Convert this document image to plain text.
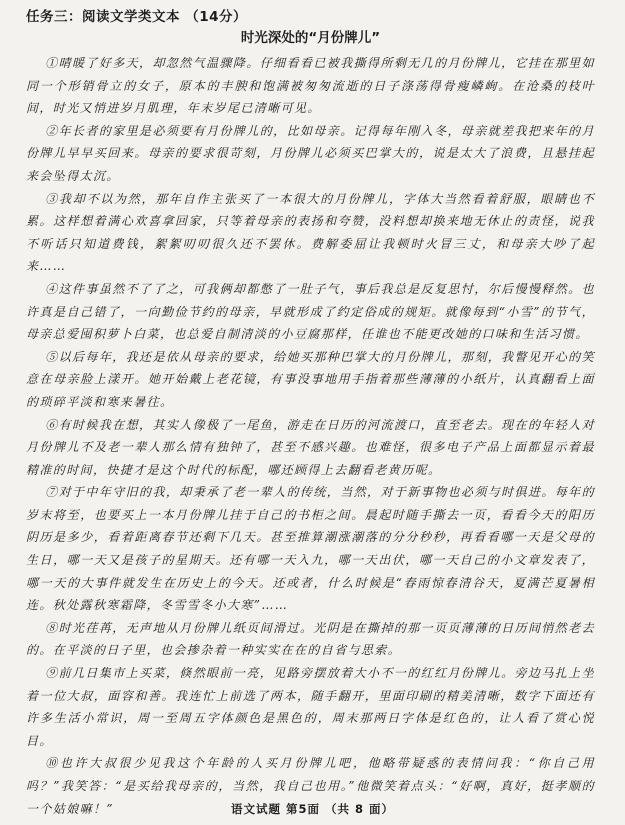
任务三：阅读文学类文本 （14分）
时光深处的“月份牌儿”

①晴暖了好多天，却忽然气温骤降。仔细看看已被我撕得所剩无几的月份牌儿，它挂在那里如同一个形销骨立的女子，原本的丰腴和饱满被匆匆流逝的日子涤荡得骨瘦嶙峋。在沧桑的枝叶间，时光又悄进岁月肌理，年末岁尾已清晰可见。

②年长者的家里是必须要有月份牌儿的，比如母亲。记得每年刚入冬，母亲就差我把来年的月份牌儿早早买回来。母亲的要求很苛刻，月份牌儿必须买巴掌大的，说是太大了浪费，且悬挂起来会坠得太沉。

③我却不以为然，那年自作主张买了一本很大的月份牌儿，字体大当然看着舒服，眼睛也不累。这样想着满心欢喜拿回家，只等着母亲的表扬和夸赞，没料想却换来地无休止的责怪，说我不听话只知道费钱，絮絮叨叨很久还不罢休。费解委屈让我顿时火冒三丈，和母亲大吵了起来……

④这件事虽然不了了之，可我俩却都憋了一肚子气，事后我总是反复思忖，尔后慢慢释然。也许真是自己错了，一向勤俭节约的母亲，早就形成了约定俗成的规矩。就像每到“小雪”的节气，母亲总爱囤积萝卜白菜，也总爱自制清淡的小豆腐那样，任谁也不能更改她的口味和生活习惯。

⑤以后每年，我还是依从母亲的要求，给她买那种巴掌大的月份牌儿，那刻，我瞥见开心的笑意在母亲脸上漾开。她开始戴上老花镜，有事没事地用手指着那些薄薄的小纸片，认真翻看上面的琐碎平淡和寒来暑往。

⑥有时候我在想，其实人像极了一尾鱼，游走在日历的河流渡口，直至老去。现在的年轻人对月份牌儿不及老一辈人那么情有独钟了，甚至不感兴趣。也难怪，很多电子产品上面都显示着最精准的时间，快捷才是这个时代的标配，哪还顾得上去翻看老黄历呢。

⑦对于中年守旧的我，却秉承了老一辈人的传统，当然，对于新事物也必须与时俱进。每年的岁末将至，也要买上一本月份牌儿挂于自己的书柜之间。晨起时随手撕去一页，看看今天的阳历阴历是多少，看着距离春节还剩下几天。甚至推算潮涨潮落的分分秒秒，再看看哪一天是父母的生日，哪一天又是孩子的星期天。还有哪一天入九，哪一天出伏，哪一天自己的小文章发表了，哪一天的大事件就发生在历史上的今天。还或者，什么时候是“春雨惊春清谷天，夏满芒夏暑相连。秋处露秋寒霜降，冬雪雪冬小大寒”……

⑧时光荏苒，无声地从月份牌儿纸页间滑过。光阴是在撕掉的那一页页薄薄的日历间悄然老去的。在平淡的日子里，也会掺杂着一种实实在在的自省与思索。

⑨前几日集市上买菜，倏然眼前一亮，见路旁摆放着大小不一的红红月份牌儿。旁边马扎上坐着一位大叔，面容和善。我连忙上前选了两本，随手翻开，里面印刷的精美清晰，数字下面还有许多生活小常识，周一至周五字体颜色是黑色的，周末那两日字体是红色的，让人看了赏心悦目。

⑩也许大叔很少见我这个年龄的人买月份牌儿吧，他略带疑惑的表情问我：“你自己用吗？”我笑答：“是买给我母亲的，当然，我自己也用。”他微笑着点头：“好啊，真好，挺孝顺的一个姑娘嘛！”	语文试题 第5面 （共 8 面）
